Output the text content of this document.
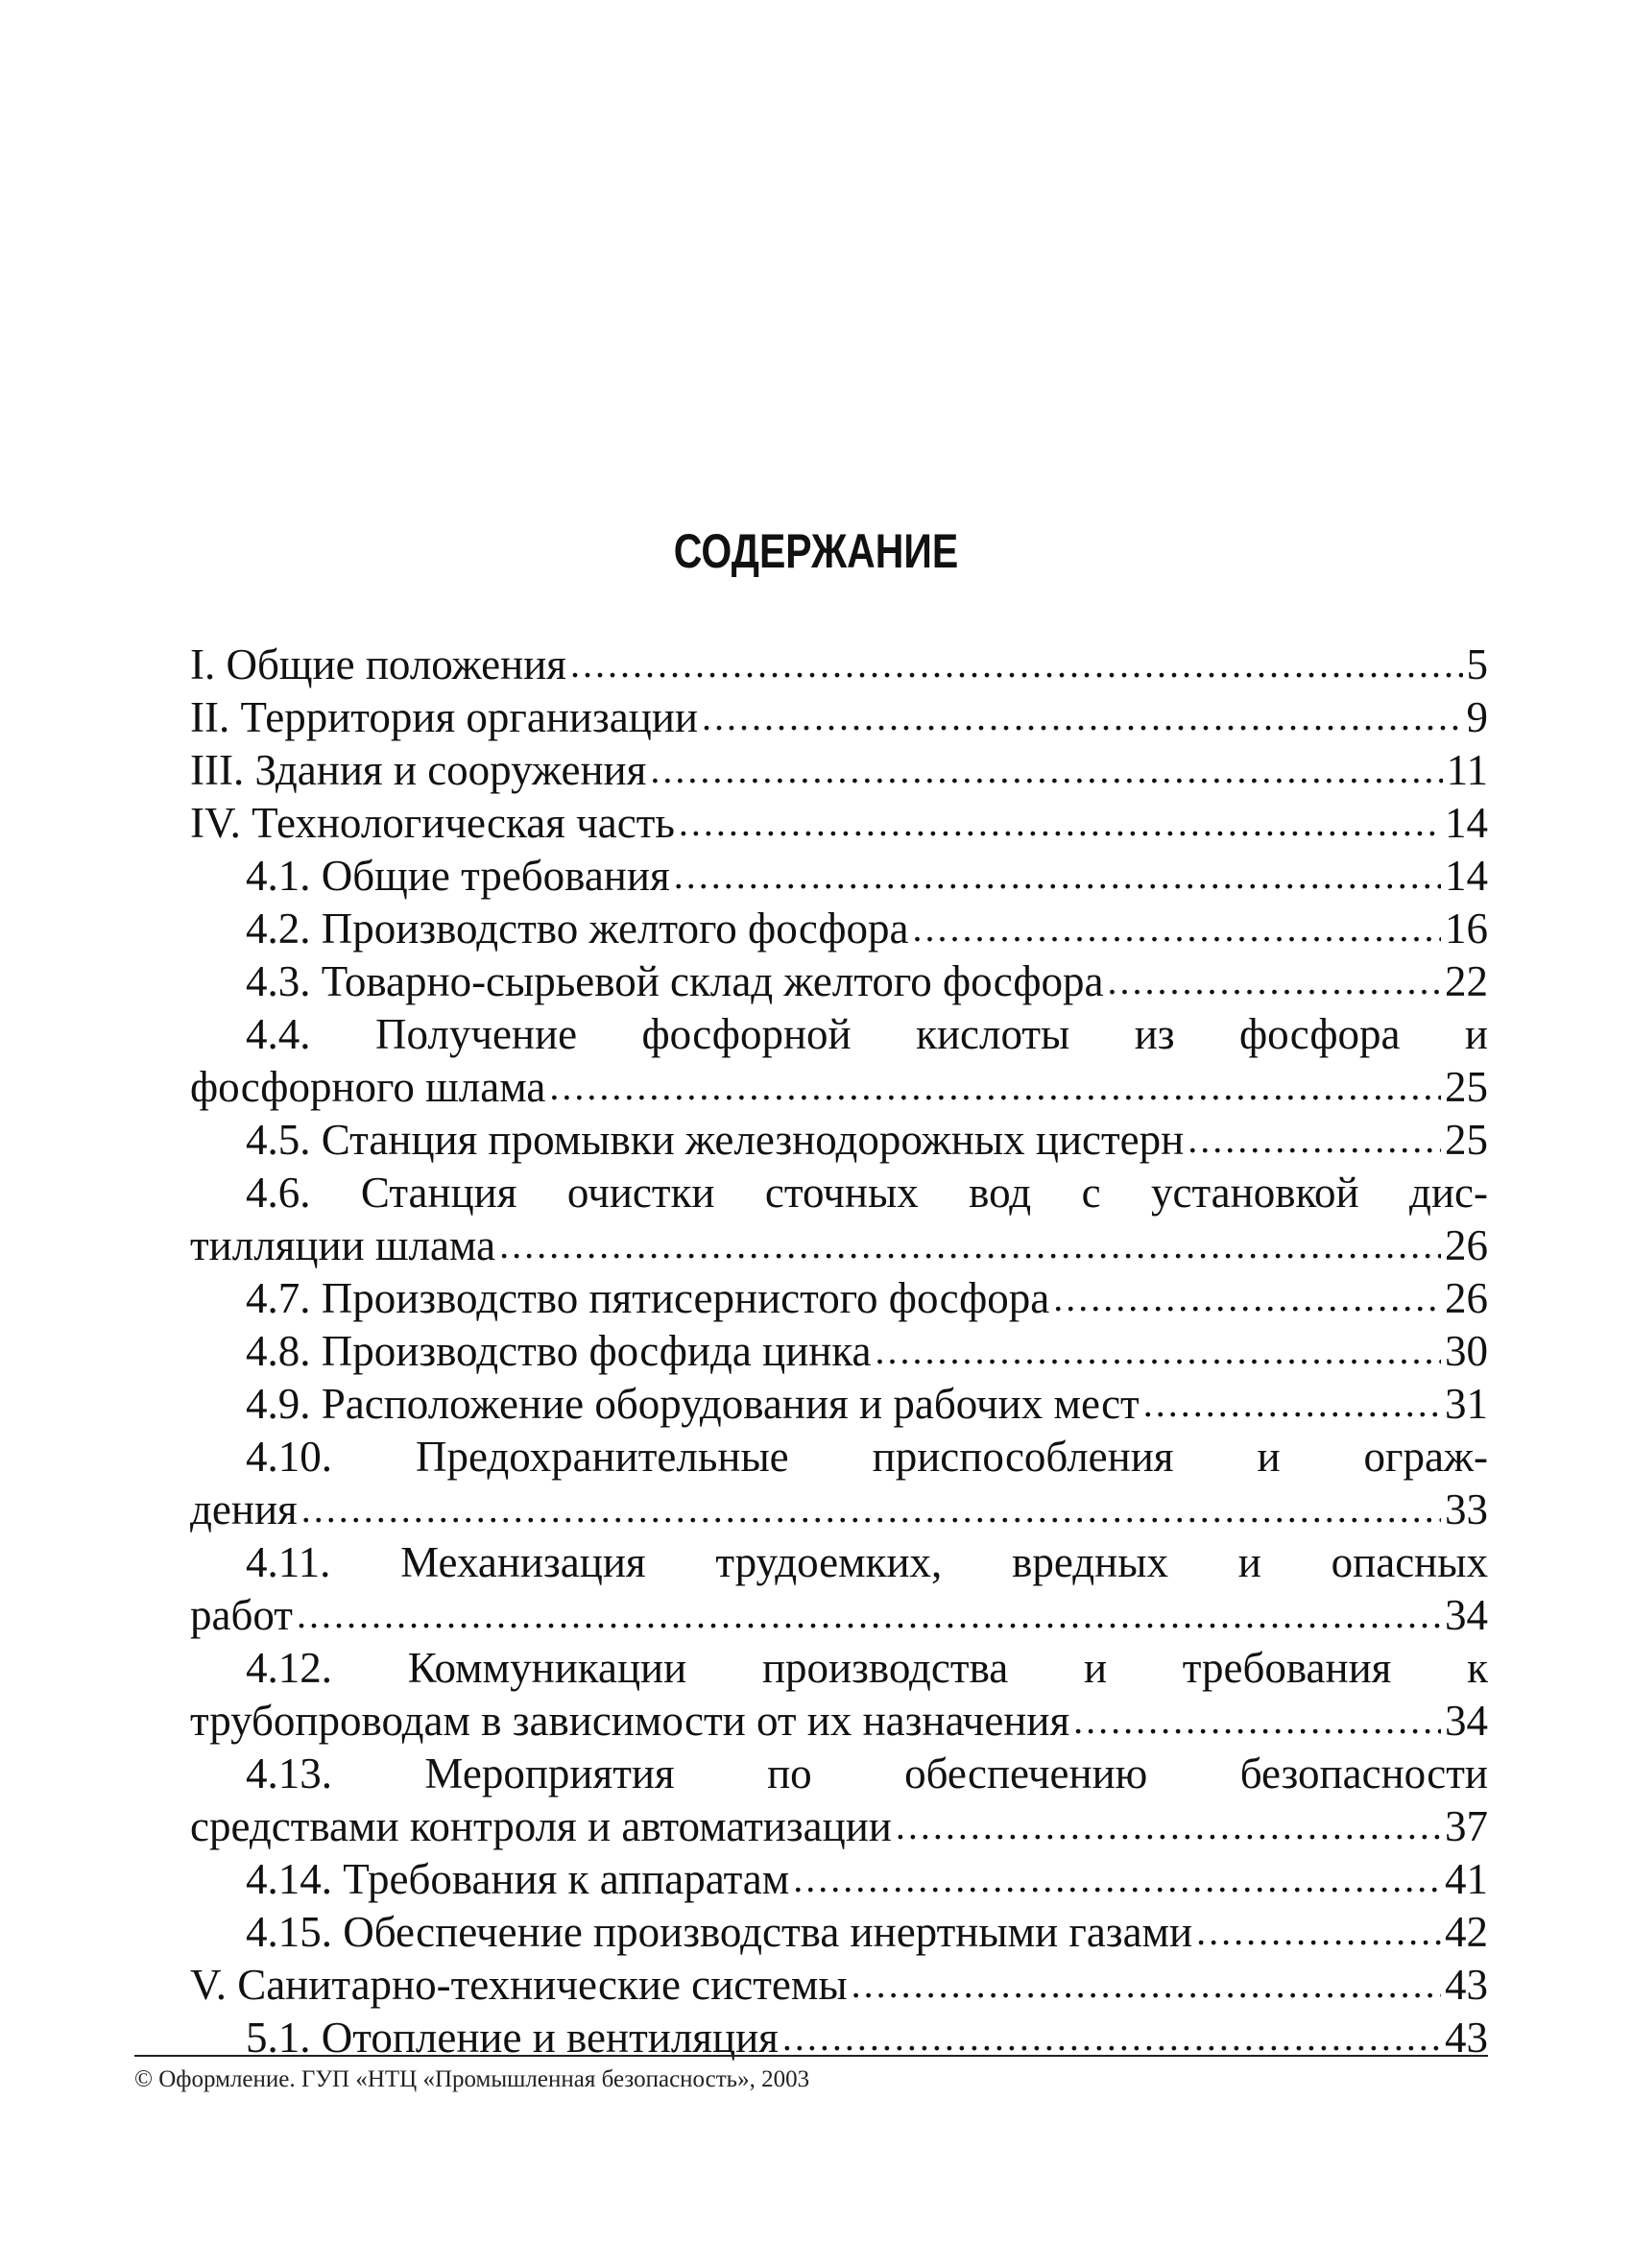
СОДЕРЖАНИЕ
I. Общие положения .....	5
II. Территория организации .....	9
III. Здания и сооружения .....	11
IV. Технологическая часть .....	14
4.1. Общие требования .....	14
4.2. Производство желтого фосфора .....	16
4.3. Товарно-сырьевой склад желтого фосфора .....	22
4.4. Получение фосфорной кислоты из фосфора и
фосфорного шлама .....	25
4.5. Станция промывки железнодорожных цистерн .....	25
4.6. Станция очистки сточных вод с установкой дис-
тилляции шлама .....	26
4.7. Производство пятисернистого фосфора .....	26
4.8. Производство фосфида цинка .....	30
4.9. Расположение оборудования и рабочих мест .....	31
4.10. Предохранительные приспособления и ограж-
дения .....	33
4.11. Механизация трудоемких, вредных и опасных
работ .....	34
4.12. Коммуникации производства и требования к
трубопроводам в зависимости от их назначения .....	34
4.13. Мероприятия по обеспечению безопасности
средствами контроля и автоматизации .....	37
4.14. Требования к аппаратам .....	41
4.15. Обеспечение производства инертными газами .....	42
V. Санитарно-технические системы .....	43
5.1. Отопление и вентиляция .....	43
© Оформление. ГУП «НТЦ «Промышленная безопасность», 2003
